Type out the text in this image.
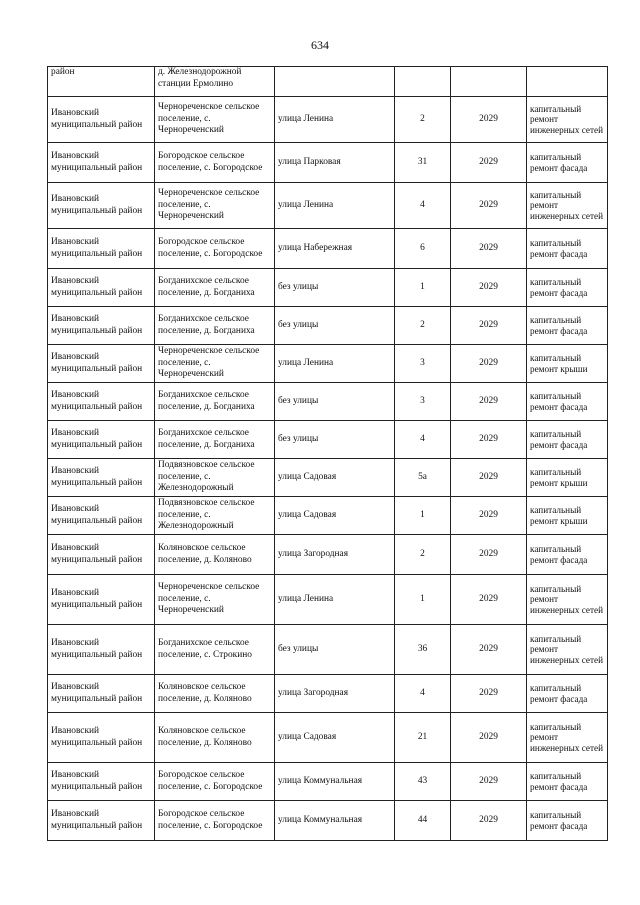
634
район	д. Железнодорожной станции Ермолино				
Ивановский муниципальный район	Чернореченское сельское поселение, с. Чернореченский	улица Ленина	2	2029	капитальный ремонт инженерных сетей
Ивановский муниципальный район	Богородское сельское поселение, с. Богородское	улица Парковая	31	2029	капитальный ремонт фасада
Ивановский муниципальный район	Чернореченское сельское поселение, с. Чернореченский	улица Ленина	4	2029	капитальный ремонт инженерных сетей
Ивановский муниципальный район	Богородское сельское поселение, с. Богородское	улица Набережная	6	2029	капитальный ремонт фасада
Ивановский муниципальный район	Богданихское сельское поселение, д. Богданиха	без улицы	1	2029	капитальный ремонт фасада
Ивановский муниципальный район	Богданихское сельское поселение, д. Богданиха	без улицы	2	2029	капитальный ремонт фасада
Ивановский муниципальный район	Чернореченское сельское поселение, с. Чернореченский	улица Ленина	3	2029	капитальный ремонт крыши
Ивановский муниципальный район	Богданихское сельское поселение, д. Богданиха	без улицы	3	2029	капитальный ремонт фасада
Ивановский муниципальный район	Богданихское сельское поселение, д. Богданиха	без улицы	4	2029	капитальный ремонт фасада
Ивановский муниципальный район	Подвязновское сельское поселение, с. Железнодорожный	улица Садовая	5а	2029	капитальный ремонт крыши
Ивановский муниципальный район	Подвязновское сельское поселение, с. Железнодорожный	улица Садовая	1	2029	капитальный ремонт крыши
Ивановский муниципальный район	Коляновское сельское поселение, д. Коляново	улица Загородная	2	2029	капитальный ремонт фасада
Ивановский муниципальный район	Чернореченское сельское поселение, с. Чернореченский	улица Ленина	1	2029	капитальный ремонт инженерных сетей
Ивановский муниципальный район	Богданихское сельское поселение, с. Строкино	без улицы	36	2029	капитальный ремонт инженерных сетей
Ивановский муниципальный район	Коляновское сельское поселение, д. Коляново	улица Загородная	4	2029	капитальный ремонт фасада
Ивановский муниципальный район	Коляновское сельское поселение, д. Коляново	улица Садовая	21	2029	капитальный ремонт инженерных сетей
Ивановский муниципальный район	Богородское сельское поселение, с. Богородское	улица Коммунальная	43	2029	капитальный ремонт фасада
Ивановский муниципальный район	Богородское сельское поселение, с. Богородское	улица Коммунальная	44	2029	капитальный ремонт фасада
